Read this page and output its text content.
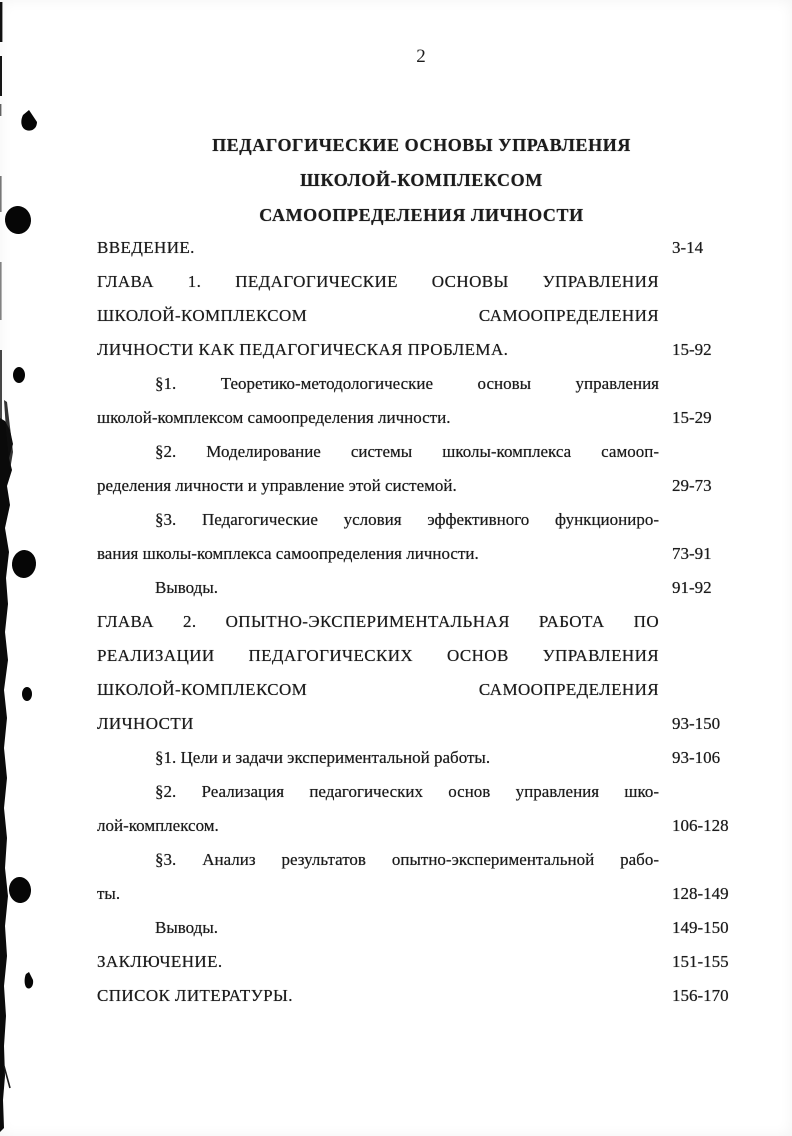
2
ПЕДАГОГИЧЕСКИЕ ОСНОВЫ УПРАВЛЕНИЯ
ШКОЛОЙ-КОМПЛЕКСОМ
САМООПРЕДЕЛЕНИЯ ЛИЧНОСТИ
ВВЕДЕНИЕ.	3-14
ГЛАВА 1. ПЕДАГОГИЧЕСКИЕ ОСНОВЫ УПРАВЛЕНИЯ
ШКОЛОЙ-КОМПЛЕКСОМ САМООПРЕДЕЛЕНИЯ
ЛИЧНОСТИ КАК ПЕДАГОГИЧЕСКАЯ ПРОБЛЕМА.	15-92
§1. Теоретико-методологические основы управления
школой-комплексом самоопределения личности.	15-29
§2. Моделирование системы школы-комплекса самооп-
ределения личности и управление этой системой.	29-73
§3. Педагогические условия эффективного функциониро-
вания школы-комплекса самоопределения личности.	73-91
Выводы.	91-92
ГЛАВА 2. ОПЫТНО-ЭКСПЕРИМЕНТАЛЬНАЯ РАБОТА ПО
РЕАЛИЗАЦИИ ПЕДАГОГИЧЕСКИХ ОСНОВ УПРАВЛЕНИЯ
ШКОЛОЙ-КОМПЛЕКСОМ САМООПРЕДЕЛЕНИЯ
ЛИЧНОСТИ	93-150
§1. Цели и задачи экспериментальной работы.	93-106
§2. Реализация педагогических основ управления шко-
лой-комплексом.	106-128
§3. Анализ результатов опытно-экспериментальной рабо-
ты.	128-149
Выводы.	149-150
ЗАКЛЮЧЕНИЕ.	151-155
СПИСОК ЛИТЕРАТУРЫ.	156-170
